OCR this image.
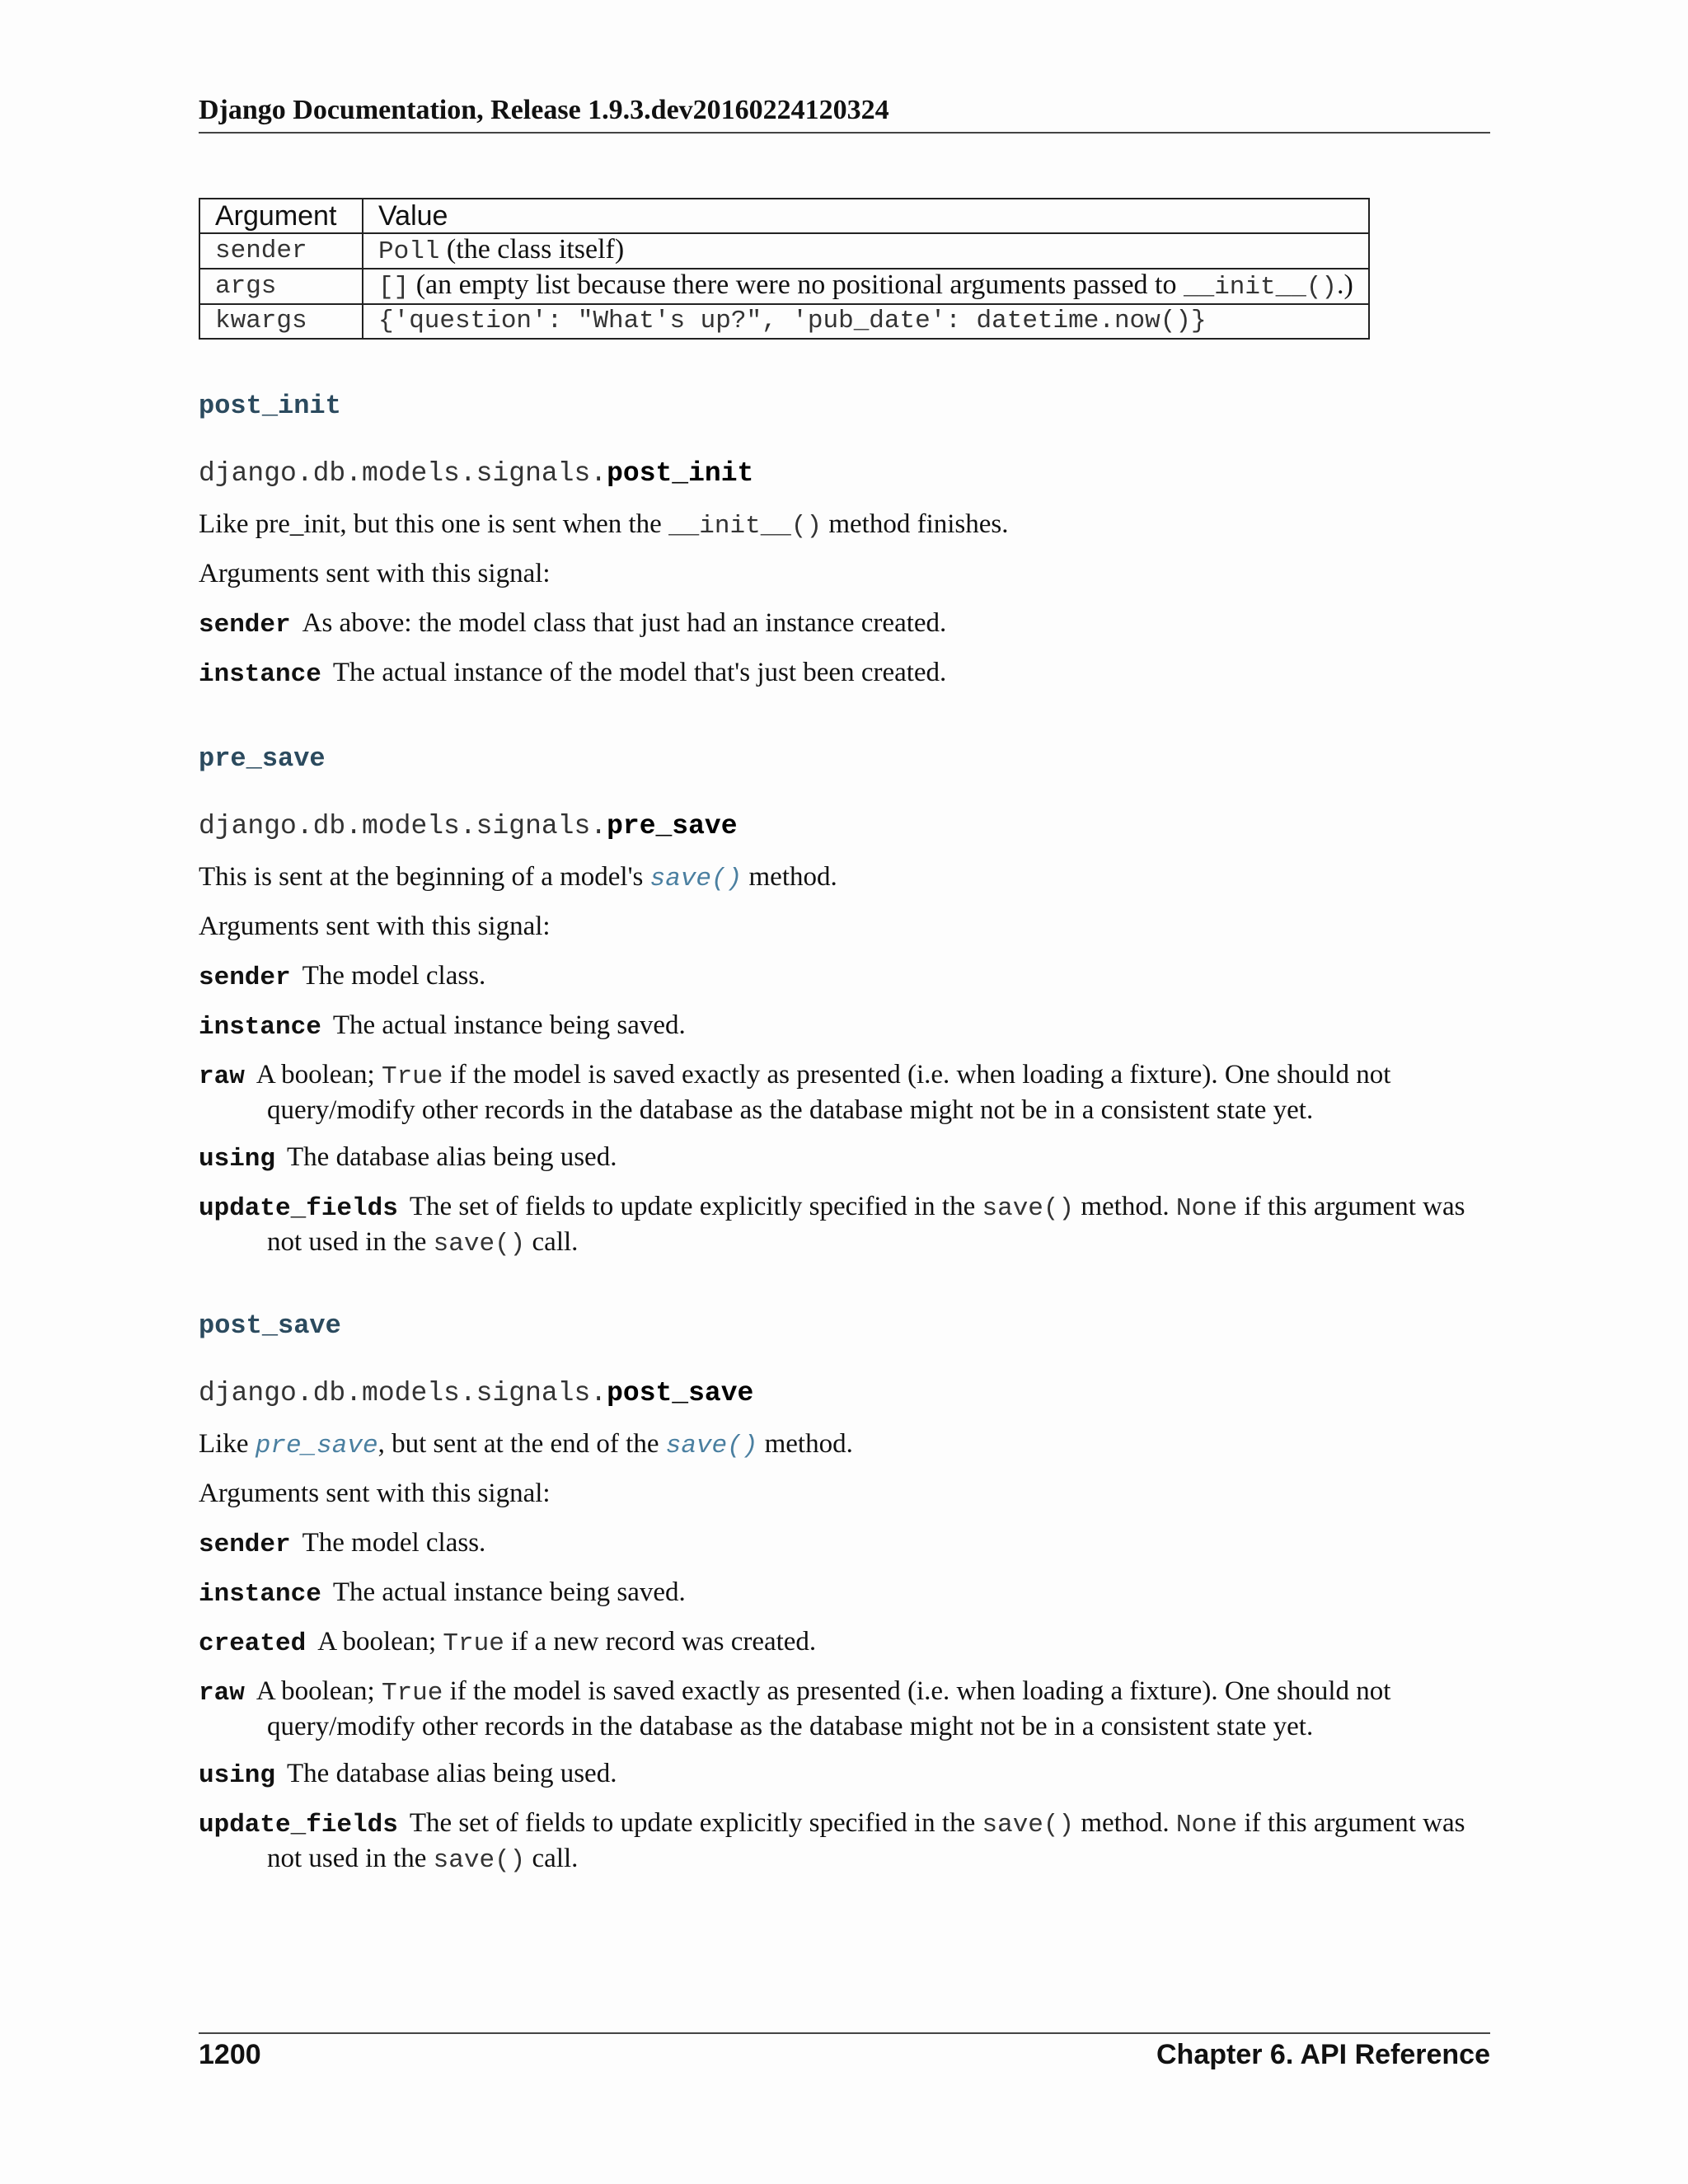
Django Documentation, Release 1.9.3.dev20160224120324
Argument	Value
sender	Poll (the class itself)
args	[] (an empty list because there were no positional arguments passed to __init__().)
kwargs	{'question': "What's up?", 'pub_date': datetime.now()}
post_init
django.db.models.signals.post_init
Like pre_init, but this one is sent when the __init__() method finishes.
Arguments sent with this signal:
sender As above: the model class that just had an instance created.
instance The actual instance of the model that's just been created.
pre_save
django.db.models.signals.pre_save
This is sent at the beginning of a model's save() method.
Arguments sent with this signal:
sender The model class.
instance The actual instance being saved.
raw A boolean; True if the model is saved exactly as presented (i.e. when loading a fixture). One should not
query/modify other records in the database as the database might not be in a consistent state yet.
using The database alias being used.
update_fields The set of fields to update explicitly specified in the save() method. None if this argument was
not used in the save() call.
post_save
django.db.models.signals.post_save
Like pre_save, but sent at the end of the save() method.
Arguments sent with this signal:
sender The model class.
instance The actual instance being saved.
created A boolean; True if a new record was created.
raw A boolean; True if the model is saved exactly as presented (i.e. when loading a fixture). One should not
query/modify other records in the database as the database might not be in a consistent state yet.
using The database alias being used.
update_fields The set of fields to update explicitly specified in the save() method. None if this argument was
not used in the save() call.
1200	Chapter 6. API Reference
